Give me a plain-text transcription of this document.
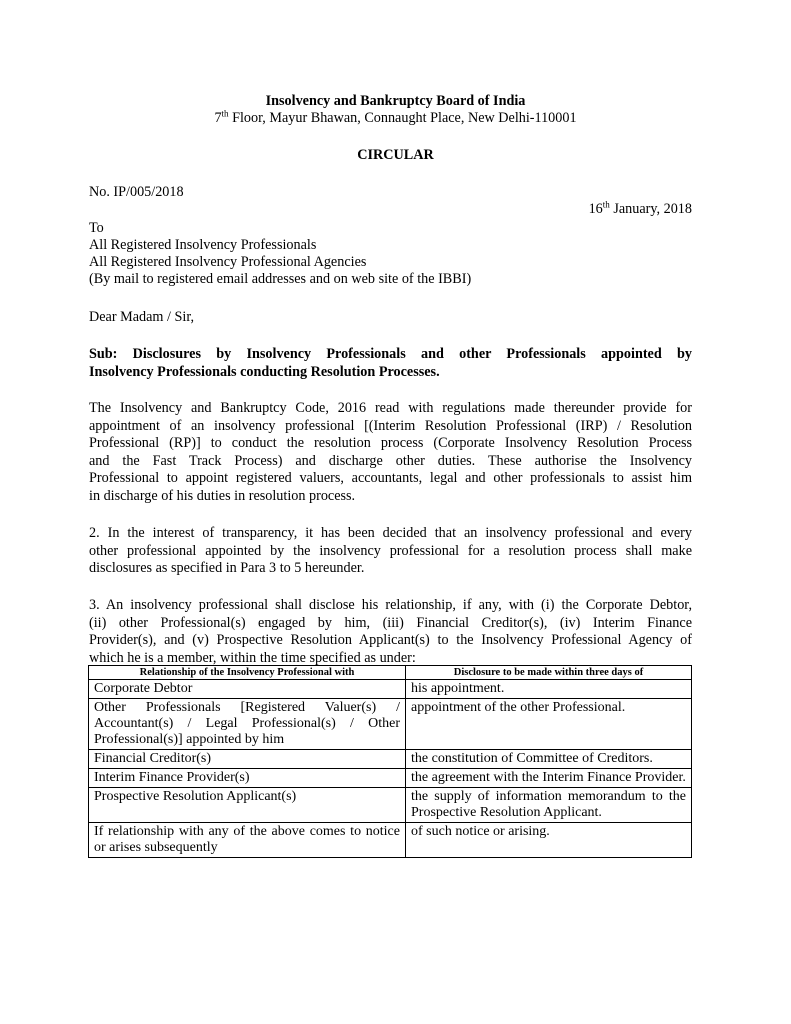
Insolvency and Bankruptcy Board of India
7th Floor, Mayur Bhawan, Connaught Place, New Delhi-110001
CIRCULAR
No. IP/005/2018
16th January, 2018
To
All Registered Insolvency Professionals
All Registered Insolvency Professional Agencies
(By mail to registered email addresses and on web site of the IBBI)
Dear Madam / Sir,
Sub: Disclosures by Insolvency Professionals and other Professionals appointed by
Insolvency Professionals conducting Resolution Processes.
The Insolvency and Bankruptcy Code, 2016 read with regulations made thereunder provide for
appointment of an insolvency professional [(Interim Resolution Professional (IRP) / Resolution
Professional (RP)] to conduct the resolution process (Corporate Insolvency Resolution Process
and the Fast Track Process) and discharge other duties. These authorise the Insolvency
Professional to appoint registered valuers, accountants, legal and other professionals to assist him
in discharge of his duties in resolution process.
2. In the interest of transparency, it has been decided that an insolvency professional and every
other professional appointed by the insolvency professional for a resolution process shall make
disclosures as specified in Para 3 to 5 hereunder.
3. An insolvency professional shall disclose his relationship, if any, with (i) the Corporate Debtor,
(ii) other Professional(s) engaged by him, (iii) Financial Creditor(s), (iv) Interim Finance
Provider(s), and (v) Prospective Resolution Applicant(s) to the Insolvency Professional Agency of
which he is a member, within the time specified as under:
Relationship of the Insolvency Professional with	Disclosure to be made within three days of
Corporate Debtor	his appointment.
Other Professionals [Registered Valuer(s) / Accountant(s) / Legal Professional(s) / Other Professional(s)] appointed by him	appointment of the other Professional.
Financial Creditor(s)	the constitution of Committee of Creditors.
Interim Finance Provider(s)	the agreement with the Interim Finance Provider.
Prospective Resolution Applicant(s)	the supply of information memorandum to the Prospective Resolution Applicant.
If relationship with any of the above comes to notice or arises subsequently	of such notice or arising.
